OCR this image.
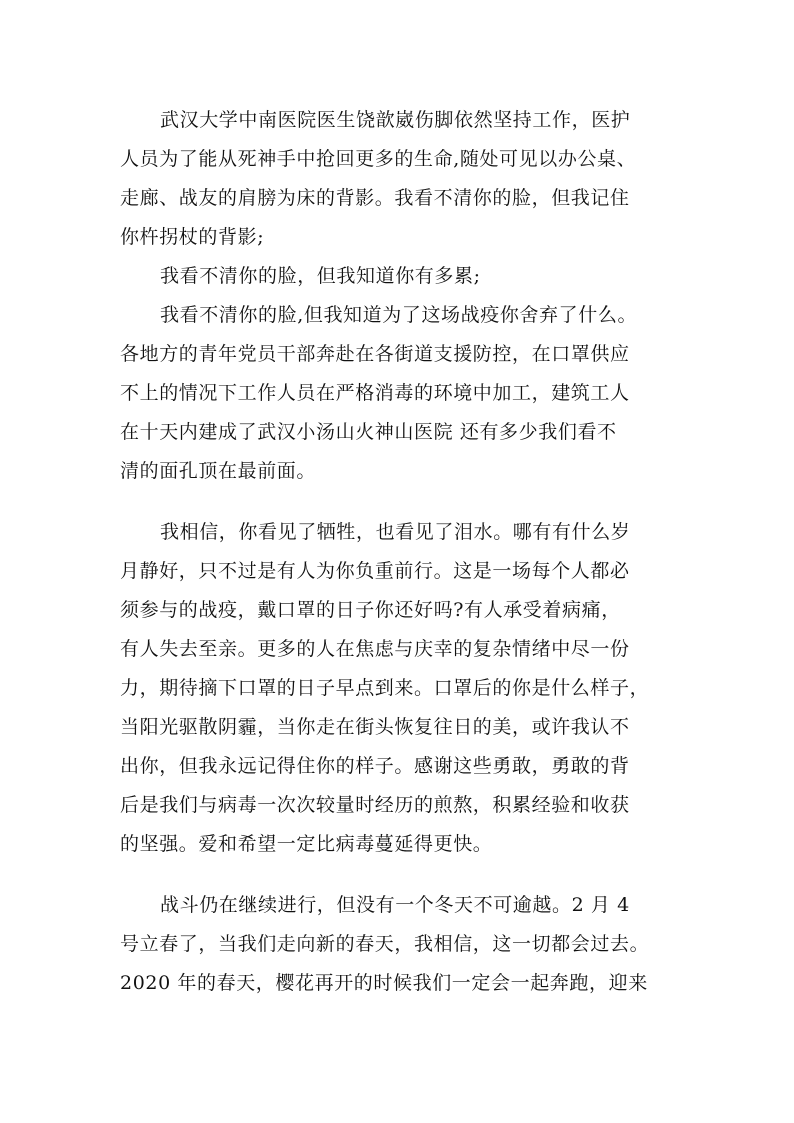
武汉大学中南医院医生饶歆崴伤脚依然坚持工作，医护
人员为了能从死神手中抢回更多的生命,随处可见以办公桌、
走廊、战友的肩膀为床的背影。我看不清你的脸，但我记住
你杵拐杖的背影;
我看不清你的脸，但我知道你有多累;
我看不清你的脸,但我知道为了这场战疫你舍弃了什么。
各地方的青年党员干部奔赴在各街道支援防控，在口罩供应
不上的情况下工作人员在严格消毒的环境中加工，建筑工人
在十天内建成了武汉小汤山火神山医院 还有多少我们看不
清的面孔顶在最前面。
我相信，你看见了牺牲，也看见了泪水。哪有有什么岁
月静好，只不过是有人为你负重前行。这是一场每个人都必
须参与的战疫，戴口罩的日子你还好吗?有人承受着病痛，
有人失去至亲。更多的人在焦虑与庆幸的复杂情绪中尽一份
力，期待摘下口罩的日子早点到来。口罩后的你是什么样子，
当阳光驱散阴霾，当你走在街头恢复往日的美，或许我认不
出你，但我永远记得住你的样子。感谢这些勇敢，勇敢的背
后是我们与病毒一次次较量时经历的煎熬，积累经验和收获
的坚强。爱和希望一定比病毒蔓延得更快。
战斗仍在继续进行，但没有一个冬天不可逾越。2 月 4
号立春了，当我们走向新的春天，我相信，这一切都会过去。
2020 年的春天，樱花再开的时候我们一定会一起奔跑，迎来
